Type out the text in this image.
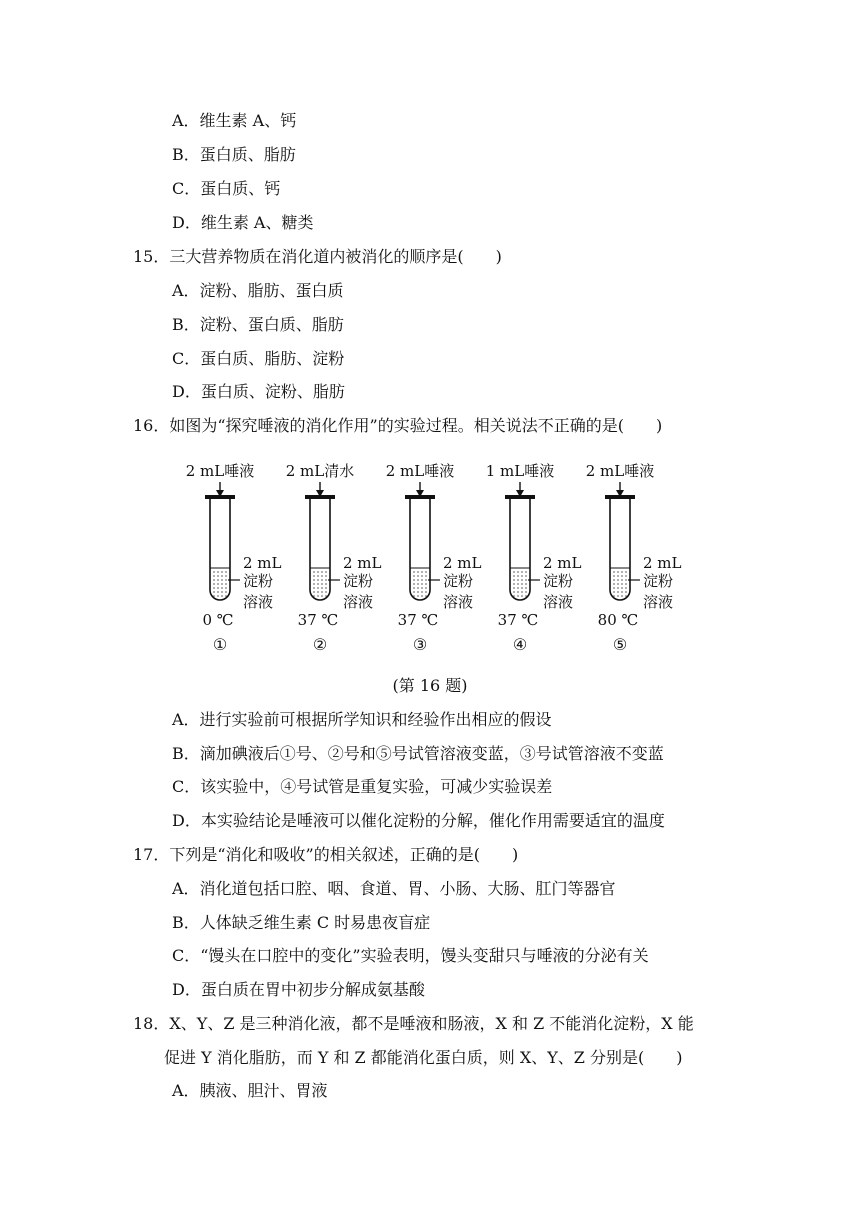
A．维生素 A、钙
B．蛋白质、脂肪
C．蛋白质、钙
D．维生素 A、糖类
15．三大营养物质在消化道内被消化的顺序是(　　)
A．淀粉、脂肪、蛋白质
B．淀粉、蛋白质、脂肪
C．蛋白质、脂肪、淀粉
D．蛋白质、淀粉、脂肪
16．如图为“探究唾液的消化作用”的实验过程。相关说法不正确的是(　　)
2 mL唾液
2 mL
淀粉
溶液
0 ℃
①
2 mL清水
2 mL
淀粉
溶液
37 ℃
②
2 mL唾液
2 mL
淀粉
溶液
37 ℃
③
1 mL唾液
2 mL
淀粉
溶液
37 ℃
④
2 mL唾液
2 mL
淀粉
溶液
80 ℃
⑤
(第 16 题)
A．进行实验前可根据所学知识和经验作出相应的假设
B．滴加碘液后①号、②号和⑤号试管溶液变蓝，③号试管溶液不变蓝
C．该实验中，④号试管是重复实验，可减少实验误差
D．本实验结论是唾液可以催化淀粉的分解，催化作用需要适宜的温度
17．下列是“消化和吸收”的相关叙述，正确的是(　　)
A．消化道包括口腔、咽、食道、胃、小肠、大肠、肛门等器官
B．人体缺乏维生素 C 时易患夜盲症
C．“馒头在口腔中的变化”实验表明，馒头变甜只与唾液的分泌有关
D．蛋白质在胃中初步分解成氨基酸
18．X、Y、Z 是三种消化液，都不是唾液和肠液，X 和 Z 不能消化淀粉，X 能
促进 Y 消化脂肪，而 Y 和 Z 都能消化蛋白质，则 X、Y、Z 分别是(　　)
A．胰液、胆汁、胃液
